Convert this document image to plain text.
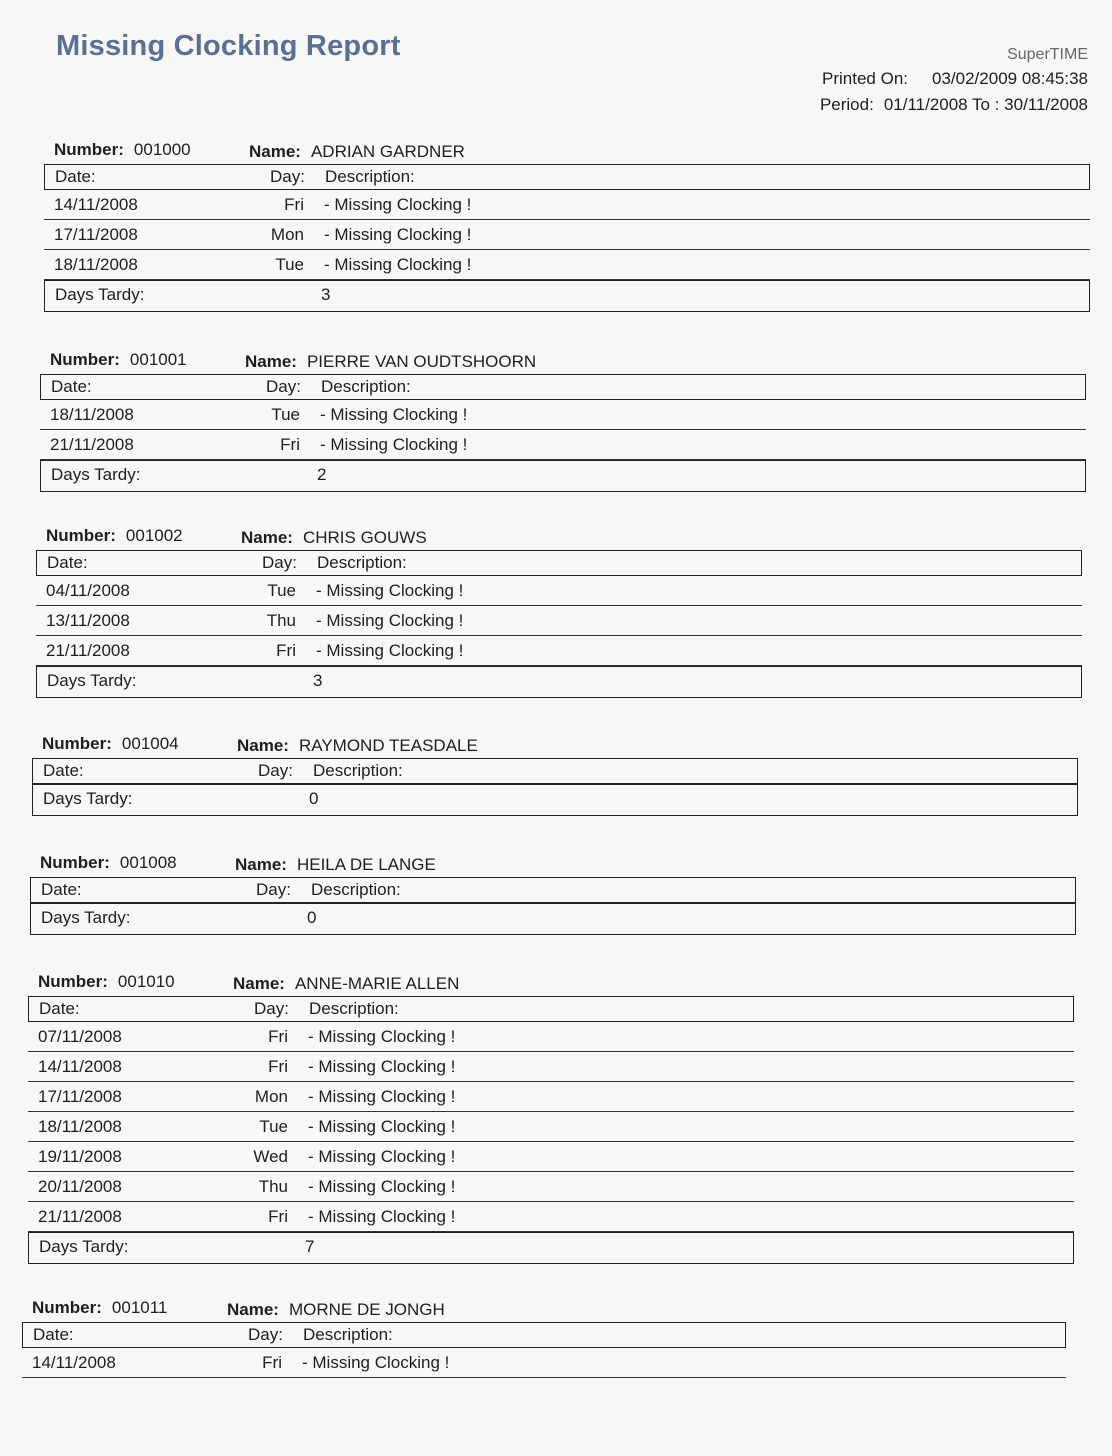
Missing Clocking Report	SuperTIME
Printed On: 03/02/2009 08:45:38
Period: 01/11/2008 To : 30/11/2008
Number: 001000	Name: ADRIAN GARDNER
Date:	Day: Description:
14/11/2008	Fri - Missing Clocking !
17/11/2008	Mon - Missing Clocking !
18/11/2008	Tue - Missing Clocking !
Days Tardy:	3
Number: 001001	Name: PIERRE VAN OUDTSHOORN
Date:	Day: Description:
18/11/2008	Tue - Missing Clocking !
21/11/2008	Fri - Missing Clocking !
Days Tardy:	2
Number: 001002	Name: CHRIS GOUWS
Date:	Day: Description:
04/11/2008	Tue - Missing Clocking !
13/11/2008	Thu - Missing Clocking !
21/11/2008	Fri - Missing Clocking !
Days Tardy:	3
Number: 001004	Name: RAYMOND TEASDALE
Date:	Day: Description:
Days Tardy:	0
Number: 001008	Name: HEILA DE LANGE
Date:	Day: Description:
Days Tardy:	0
Number: 001010	Name: ANNE-MARIE ALLEN
Date:	Day: Description:
07/11/2008	Fri - Missing Clocking !
14/11/2008	Fri - Missing Clocking !
17/11/2008	Mon - Missing Clocking !
18/11/2008	Tue - Missing Clocking !
19/11/2008	Wed - Missing Clocking !
20/11/2008	Thu - Missing Clocking !
21/11/2008	Fri - Missing Clocking !
Days Tardy:	7
Number: 001011	Name: MORNE DE JONGH
Date:	Day: Description:
14/11/2008	Fri - Missing Clocking !
